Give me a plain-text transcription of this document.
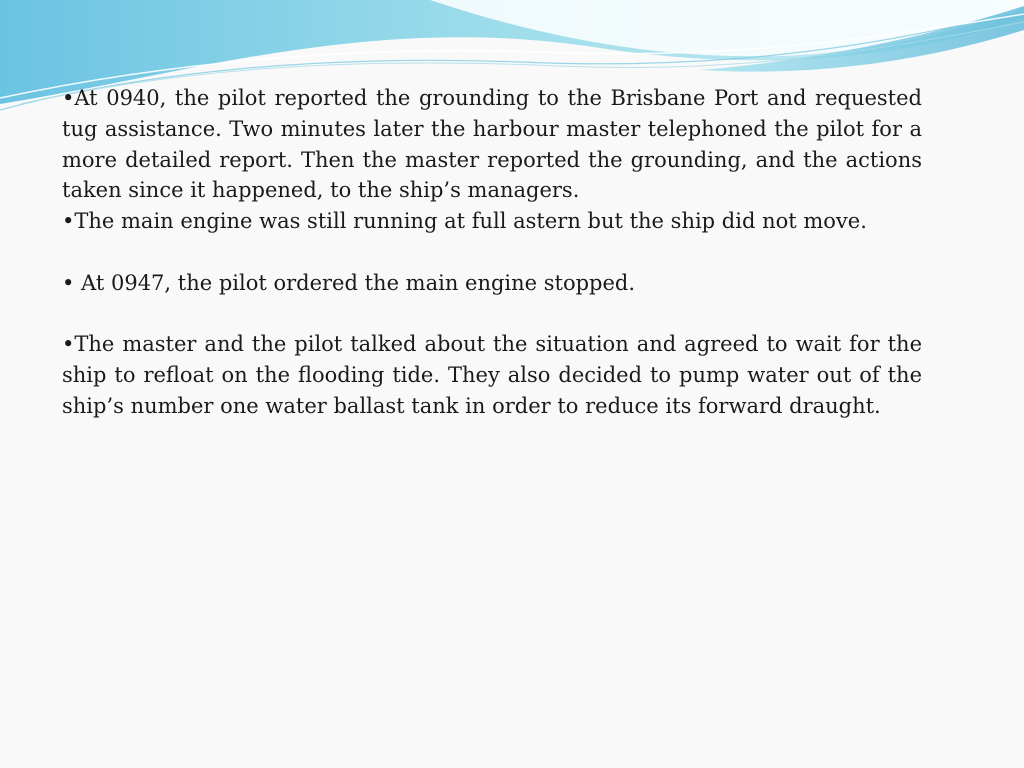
•At 0940, the pilot reported the grounding to the Brisbane Port and requested tug assistance. Two minutes later the harbour master telephoned the pilot for a more detailed report. Then the master reported the grounding, and the actions taken since it happened, to the ship’s managers.

•The main engine was still running at full astern but the ship did not move.

• At 0947, the pilot ordered the main engine stopped.

•The master and the pilot talked about the situation and agreed to wait for the ship to refloat on the flooding tide. They also decided to pump water out of the ship’s number one water ballast tank in order to reduce its forward draught.
